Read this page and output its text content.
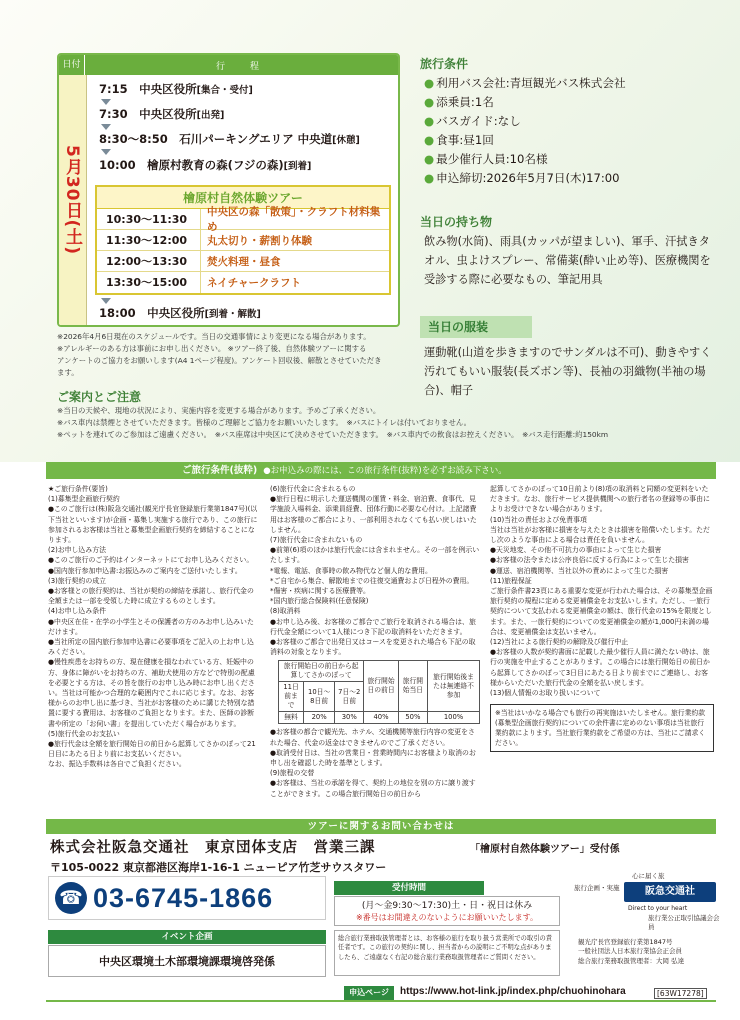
日付	行　程
5月30日(土)
7:15　 中央区役所[集合・受付]
7:30　 中央区役所[出発]
8:30～8:50　 石川パーキングエリア 中央道[休憩]
10:00　 檜原村教育の森(フジの森)[到着]
檜原村自然体験ツアー
10:30～11:30
中央区の森「散策」・クラフト材料集め
11:30～12:00	丸太切り・薪割り体験
12:00～13:30	焚火料理・昼食
13:30～15:00	ネイチャークラフト
18:00　 中央区役所[到着・解散]
※2026年4月6日現在のスケジュールです。当日の交通事情により変更になる場合があります。
※アレルギーのある方は事前にお申し出ください。 ※ツアー終了後、自然体験ツアーに関する
アンケートのご協力をお願いします(A4 1ページ程度)。アンケート回収後、解散とさせていただき
ます。
旅行条件
● 利用バス会社:青垣観光バス株式会社
● 添乗員:1名
● バスガイド:なし
● 食事:昼1回
● 最少催行人員:10名様
● 申込締切:2026年5月7日(木)17:00
当日の持ち物
飲み物(水筒)、雨具(カッパが望ましい)、軍手、汗拭きタオル、虫よけスプレー、常備薬(酔い止め等)、医療機関を受診する際に必要なもの、筆記用具
当日の服装
運動靴(山道を歩きますのでサンダルは不可)、動きやすく汚れてもいい服装(長ズボン等)、長袖の羽織物(半袖の場合)、帽子
ご案内とご注意
※当日の天候や、現地の状況により、実施内容を変更する場合があります。予めご了承ください。
※バス車内は禁煙とさせていただきます。皆様のご理解とご協力をお願いいたします。　※バスにトイレは付いておりません。
※ペットを連れてのご参加はご遠慮ください。　※バス座席は中央区にて決めさせていただきます。　※バス車内での飲食はお控えください。　※バス走行距離:約150km
ご旅行条件(抜粋) ●お申込みの際には、この旅行条件(抜粋)を必ずお読み下さい。

★ご旅行条件(要旨)

(1)募集型企画旅行契約

●このご旅行は(株)阪急交通社(観光庁長官登録旅行業第1847号)(以下当社といいます)が企画・募集し実施する旅行であり、この旅行に参加されるお客様は当社と募集型企画旅行契約を締結することになります。

(2)お申し込み方法

●このご旅行のご予約はインターネットにてお申し込みください。

●国内旅行参加申込書:お振込みのご案内をご送付いたします。

(3)旅行契約の成立

●お客様との旅行契約は、当社が契約の締結を承諾し、旅行代金の全額または一部を受領した時に成立するものとします。

(4)お申し込み条件

●中央区在住・在学の小学生とその保護者の方のみお申し込みいただけます。

●当社所定の国内旅行参加申込書に必要事項をご記入の上お申し込みください。

●慢性疾患をお持ちの方、現在健康を損なわれている方、妊娠中の方、身体に障がいをお持ちの方、補助犬使用の方などで特別の配慮を必要とする方は、その旨を旅行のお申し込み時にお申し出ください。当社は可能かつ合理的な範囲内でこれに応じます。なお、お客様からのお申し出に基づき、当社がお客様のために講じた特別な措置に要する費用は、お客様のご負担となります。また、医師の診断書や所定の「お伺い書」を提出していただく場合があります。

(5)旅行代金のお支払い

●旅行代金は全額を旅行開始日の前日から起算してさかのぼって21日目にあたる日より前にお支払いください。

なお、振込手数料は各自でご負担ください。

(6)旅行代金に含まれるもの

●旅行日程に明示した運送機関の運賃・料金、宿泊費、食事代、見学施設入場料金、添乗員経費、団体行動に必要な心付け。上記諸費用はお客様のご都合により、一部利用されなくても払い戻しはいたしません。

(7)旅行代金に含まれないもの

●前第(6)項のほかは旅行代金には含まれません。その一部を例示いたします。

*電報、電話、食事時の飲み物代など個人的な費用。

*ご自宅から集合、解散地までの往復交通費および日程外の費用。

*傷害・疾病に関する医療費等。

*国内旅行総合保険料(任意保険)

(8)取消料

●お申し込み後、お客様のご都合でご旅行を取消される場合は、旅行代金全額について1人様につき下記の取消料をいただきます。

●お客様のご都合で出発日又はコースを変更された場合も下記の取消料の対象となります。

旅行開始日の前日から起算してさかのぼって			旅行開始日の前日	旅行開始当日	旅行開始後または無連絡不参加
11日前まで	10日〜8日前	7日〜2日前			
無料	20%	30%	40%	50%	100%

●お客様の都合で観光先、ホテル、交通機関等旅行内容の変更をされた場合、代金の返金はできませんのでご了承ください。

●取消受付日は、当社の営業日・営業時間内にお客様より取消のお申し出を確認した時を基準とします。

(9)旅程の交替

●お客様は、当社の承諾を得て、契約上の地位を別の方に譲り渡すことができます。この場合旅行開始日の前日から

起算してさかのぼって10日前より(8)項の取消料と同額の変更料をいただきます。なお、旅行サービス提供機関への旅行者名の登録等の事由によりお受けできない場合があります。

(10)当社の責任および免責事項

当社は当社がお客様に損害を与えたときは損害を賠償いたします。ただし次のような事由による場合は責任を負いません。

●天災地変、その他不可抗力の事由によって生じた損害

●お客様の法令または公序良俗に反する行為によって生じた損害

●運送、宿泊機関等、当社以外の責めによって生じた損害

(11)旅程保証

ご旅行条件書23頁にある重要な変更が行われた場合は、その募集型企画旅行契約の規程に定める変更補償金をお支払いします。ただし、一旅行契約について支払われる変更補償金の額は、旅行代金の15%を限度とします。また、一旅行契約についての変更補償金の額が1,000円未満の場合は、変更補償金は支払いません。

(12)当社による旅行契約の解除及び催行中止

●お客様の人数が契約書面に記載した最少催行人員に満たない時は、旅行の実施を中止することがあります。この場合には旅行開始日の前日から起算してさかのぼって3日目にあたる日より前までにご連絡し、お客様からいただいた旅行代金の全額を払い戻します。

(13)個人情報のお取り扱いについて

※当社はいかなる場合でも旅行の再実施はいたしません。旅行業約款(募集型企画旅行契約)についての余件書に定めのない事項は当社旅行業約款によります。当社旅行業約款をご希望の方は、当社にご請求ください。
ツアーに関するお問い合わせは
株式会社阪急交通社　東京団体支店　営業三課	「檜原村自然体験ツアー」受付係
〒105-0022 東京都港区海岸1-16-1 ニューピア竹芝サウスタワー
☎ 03-6745-1866	受付時間
(月～金9:30～17:30)土・日・祝日は休み
※番号はお間違えのないようにお願いいたします。
イベント企画
中央区環境土木部環境課環境啓発係
総合旅行業務取扱管理者とは、お客様の旅行を取り扱う営業所での取引の責任者です。この旅行の契約に関し、担当者からの説明にご不明な点がありましたら、ご遠慮なく右記の総合旅行業務取扱管理者にご質問ください。
心に届く旅
旅行企画・実施	阪急交通社
Direct to your heart
旅行業公正取引協議会会員
観光庁長官登録旅行業第1847号
一般社団法人日本旅行業協会正会員
総合旅行業務取扱管理者：大岡 弘達
申込ページ	https://www.hot-link.jp/index.php/chuohinohara	[63W17278]
